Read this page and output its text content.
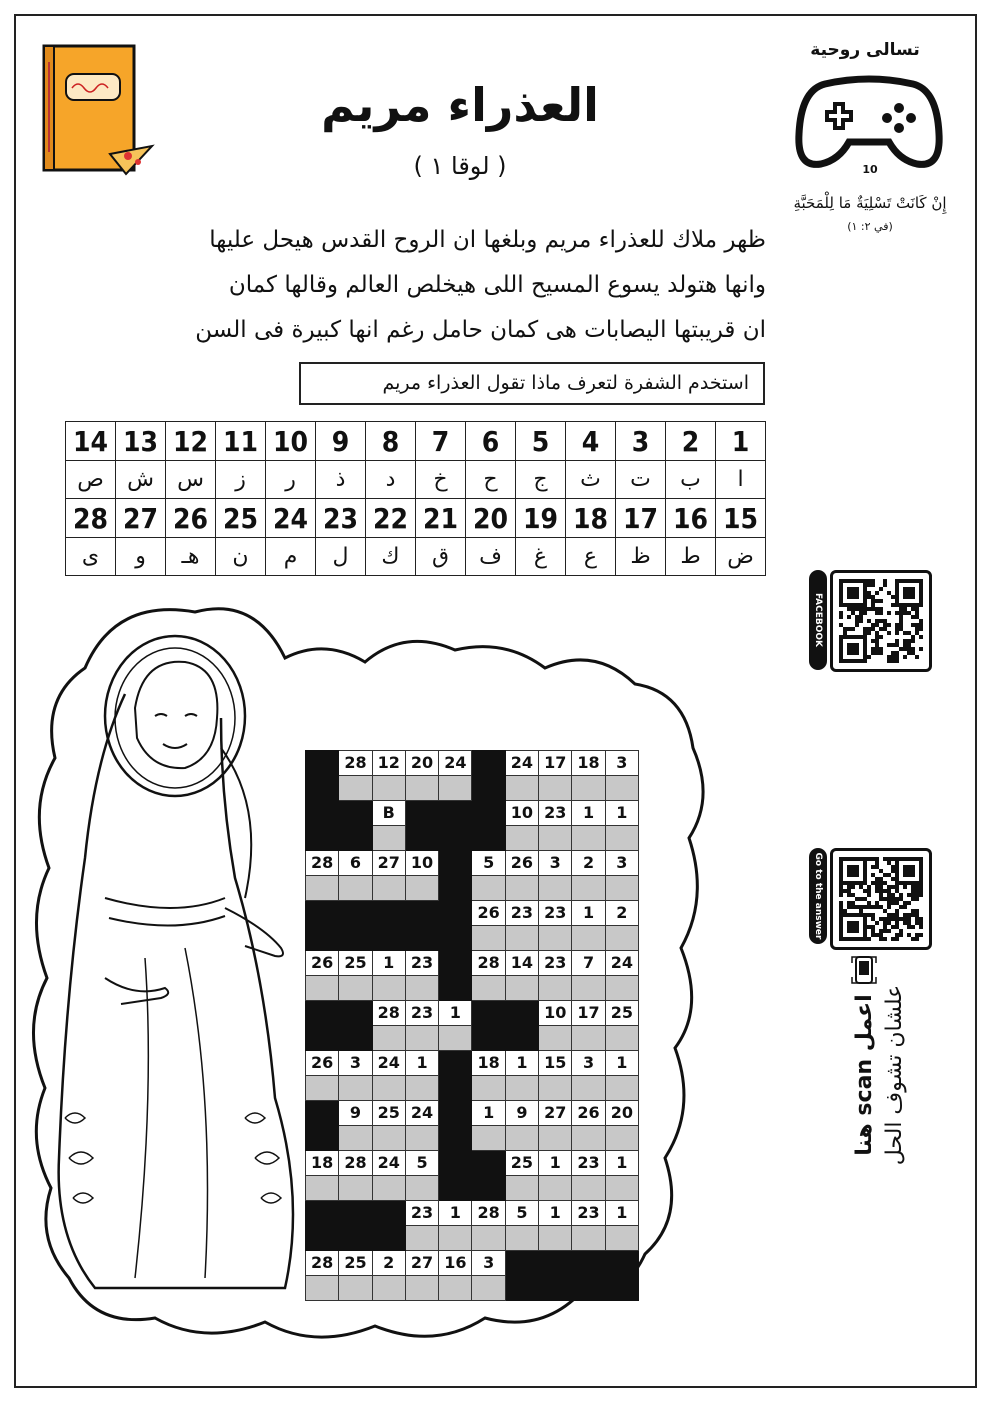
العذراء مريم
( لوقا ١ )
تسالى روحية
10
إِنْ كَانَتْ تَسْلِيَةٌ مَا لِلْمَحَبَّةِ
(في ٢: ١)
ظهر ملاك للعذراء مريم وبلغها ان الروح القدس هيحل عليها
وانها هتولد يسوع المسيح اللى هيخلص العالم وقالها كمان
ان قريبتها اليصابات هى كمان حامل رغم انها كبيرة فى السن
استخدم الشفرة لتعرف ماذا تقول العذراء مريم
14	13	12	11	10	9	8	7	6	5	4	3	2	1
ص	ش	س	ز	ر	ذ	د	خ	ح	ج	ث	ت	ب	ا
28	27	26	25	24	23	22	21	20	19	18	17	16	15
ى	و	هـ	ن	م	ل	ك	ق	ف	غ	ع	ظ	ط	ض
	28	12	20	24		24	17	18	3

		B				10	23	1	1

28	6	27	10		5	26	3	2	3

					26	23	23	1	2

26	25	1	23		28	14	23	7	24

		28	23	1			10	17	25

26	3	24	1		18	1	15	3	1

	9	25	24		1	9	27	26	20

18	28	24	5			25	1	23	1

			23	1	28	5	1	23	1

28	25	2	27	16	3				

FACEBOOK
Go to the answer
اعمل scan هنا علشان تشوف الحل
